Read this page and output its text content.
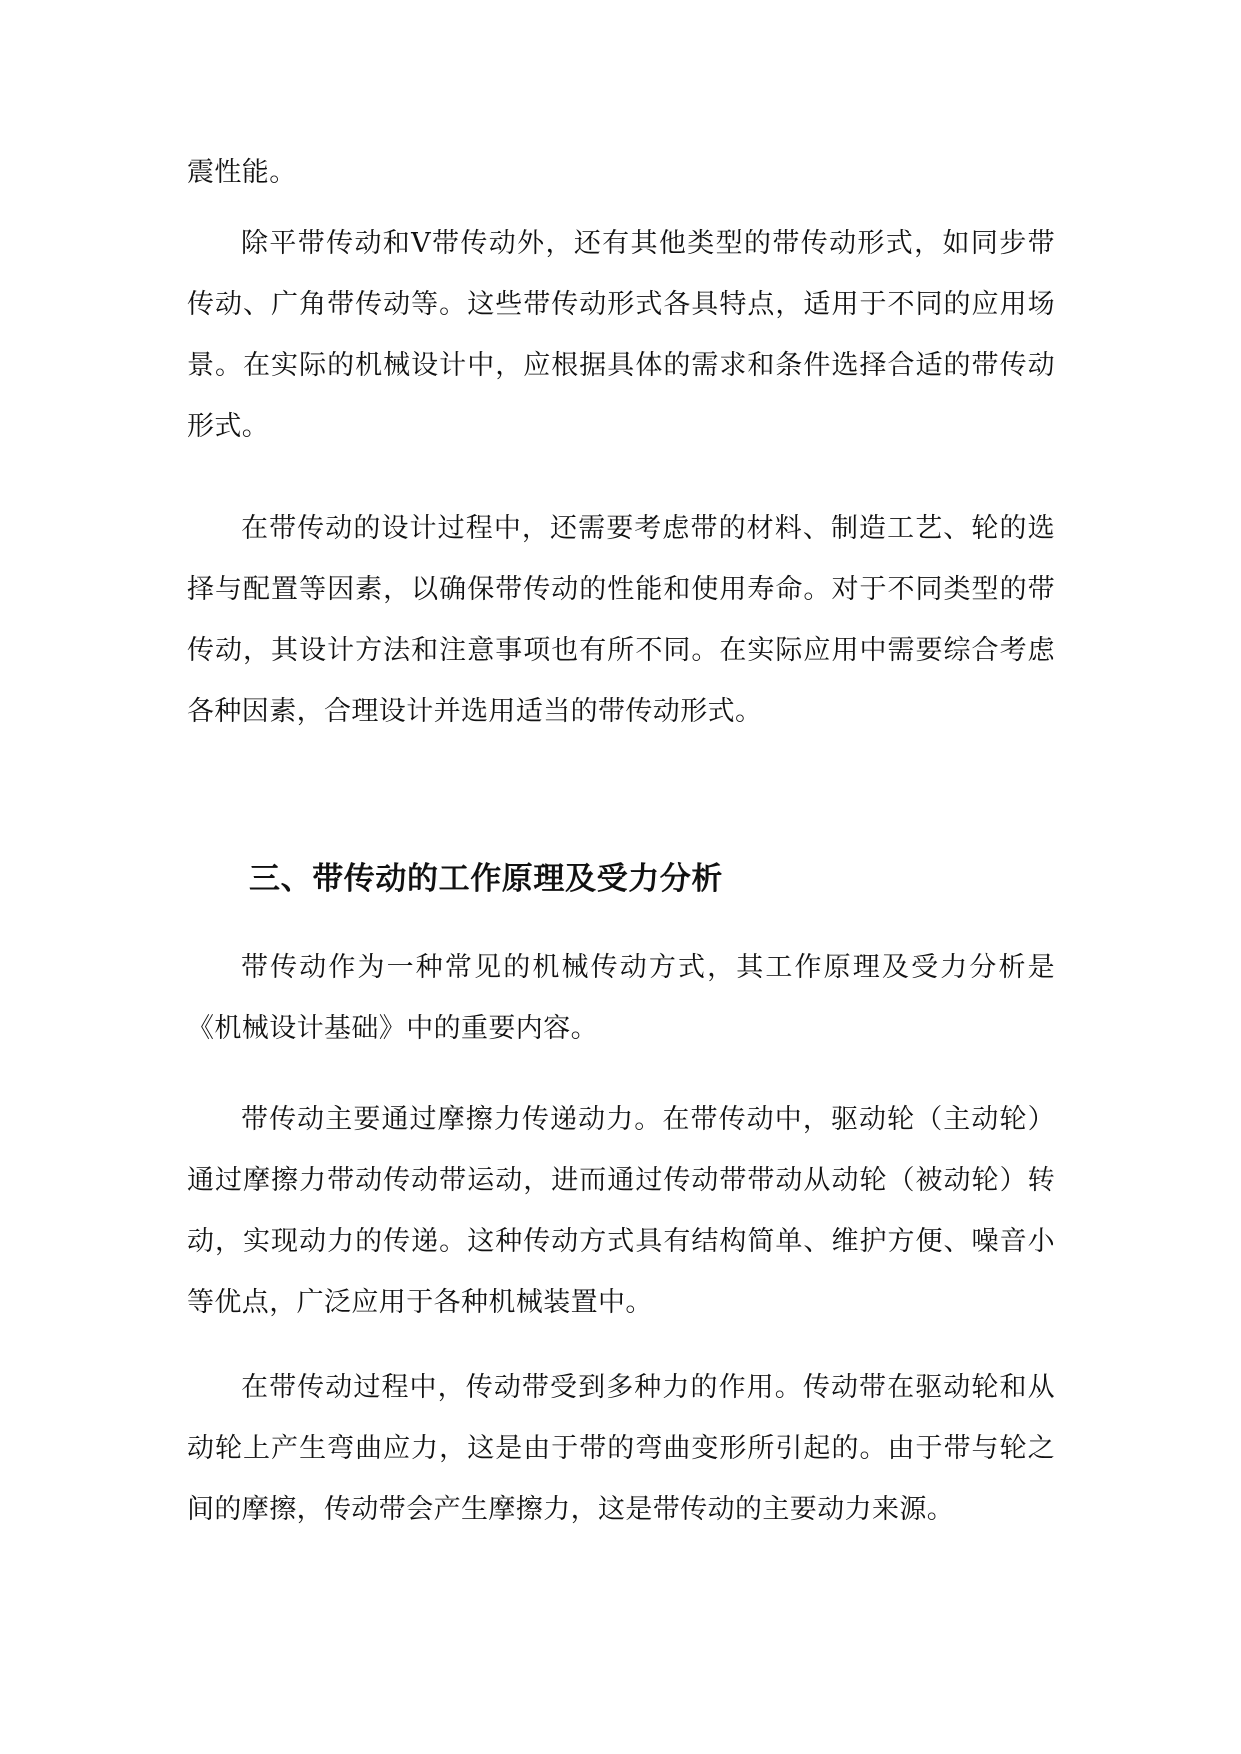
震性能。

除平带传动和Ⅴ带传动外，还有其他类型的带传动形式，如同步带传动、广角带传动等。这些带传动形式各具特点，适用于不同的应用场景。在实际的机械设计中，应根据具体的需求和条件选择合适的带传动形式。

在带传动的设计过程中，还需要考虑带的材料、制造工艺、轮的选择与配置等因素，以确保带传动的性能和使用寿命。对于不同类型的带传动，其设计方法和注意事项也有所不同。在实际应用中需要综合考虑各种因素，合理设计并选用适当的带传动形式。

三、带传动的工作原理及受力分析

带传动作为一种常见的机械传动方式，其工作原理及受力分析是《机械设计基础》中的重要内容。

带传动主要通过摩擦力传递动力。在带传动中，驱动轮（主动轮）通过摩擦力带动传动带运动，进而通过传动带带动从动轮（被动轮）转动，实现动力的传递。这种传动方式具有结构简单、维护方便、噪音小等优点，广泛应用于各种机械装置中。

在带传动过程中，传动带受到多种力的作用。传动带在驱动轮和从动轮上产生弯曲应力，这是由于带的弯曲变形所引起的。由于带与轮之间的摩擦，传动带会产生摩擦力，这是带传动的主要动力来源。
